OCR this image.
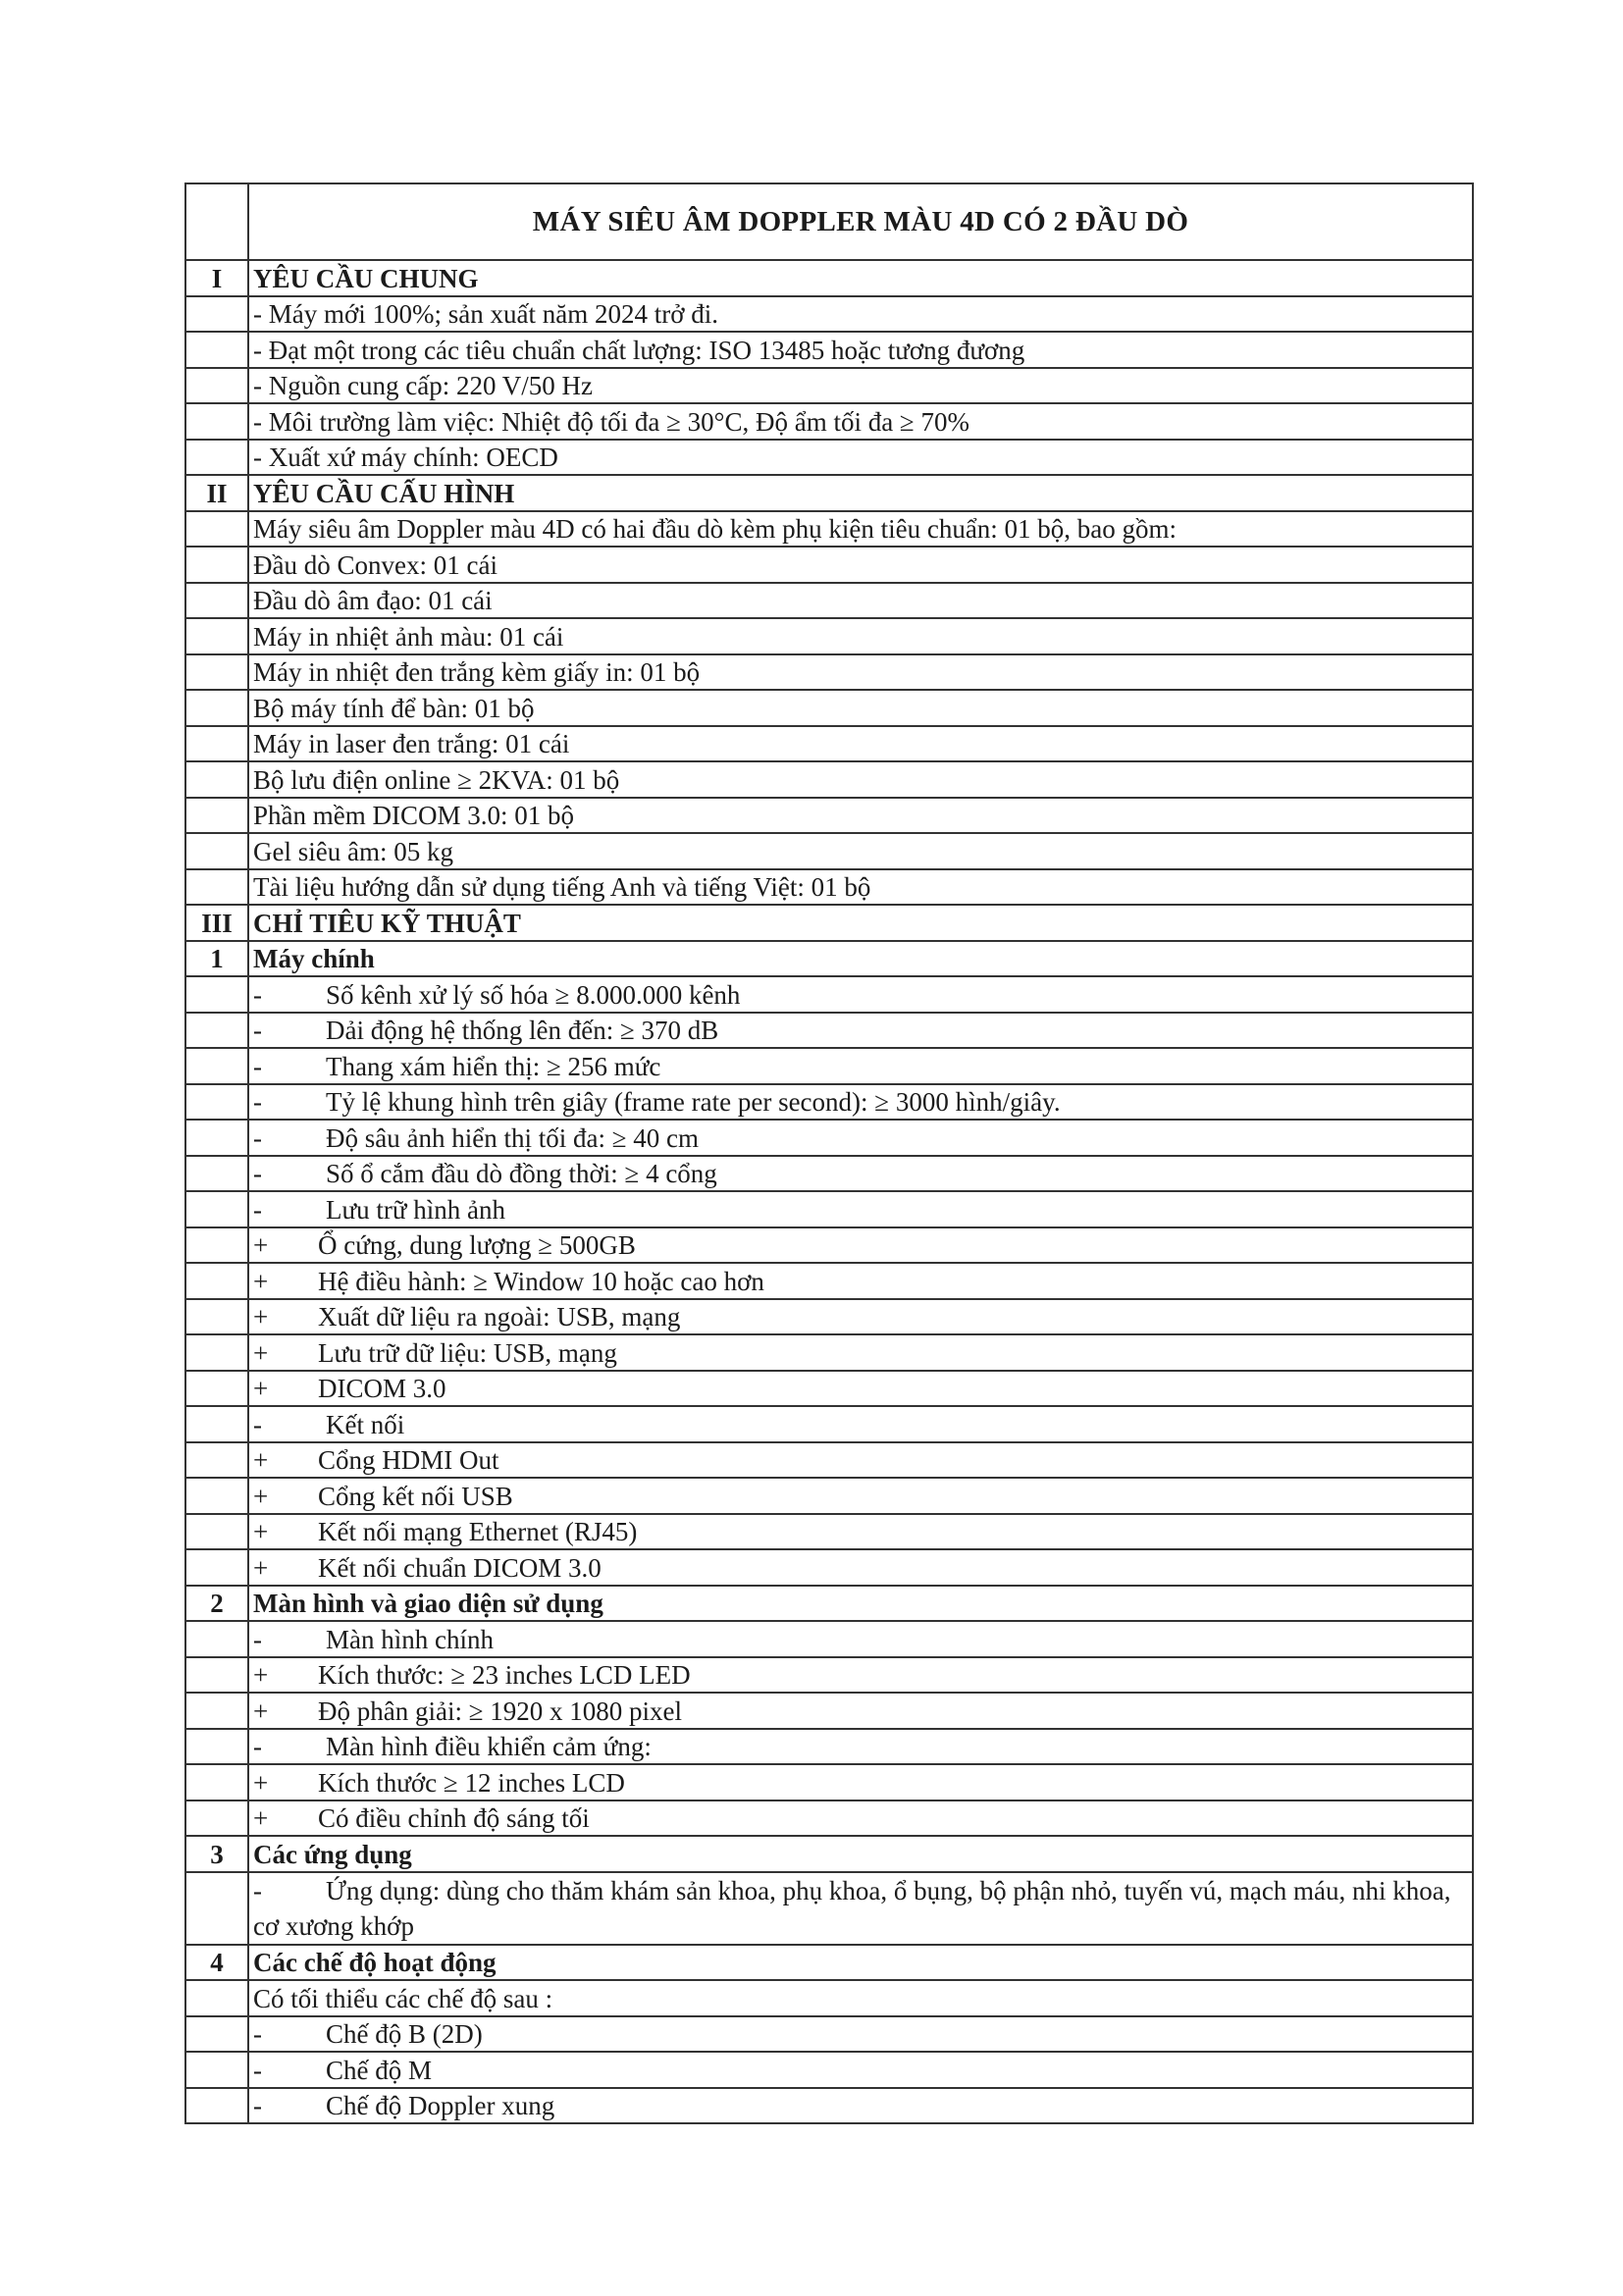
	MÁY SIÊU ÂM DOPPLER MÀU 4D CÓ 2 ĐẦU DÒ
I	YÊU CẦU CHUNG
	- Máy mới 100%; sản xuất năm 2024 trở đi.
	- Đạt một trong các tiêu chuẩn chất lượng: ISO 13485 hoặc tương đương
	- Nguồn cung cấp: 220 V/50 Hz
	- Môi trường làm việc: Nhiệt độ tối đa ≥ 30°C, Độ ẩm tối đa ≥ 70%
	- Xuất xứ máy chính: OECD
II	YÊU CẦU CẤU HÌNH
	Máy siêu âm Doppler màu 4D có hai đầu dò kèm phụ kiện tiêu chuẩn: 01 bộ, bao gồm:
	Đầu dò Convex: 01 cái
	Đầu dò âm đạo: 01 cái
	Máy in nhiệt ảnh màu: 01 cái
	Máy in nhiệt đen trắng kèm giấy in: 01 bộ
	Bộ máy tính để bàn: 01 bộ
	Máy in laser đen trắng: 01 cái
	Bộ lưu điện online ≥ 2KVA: 01 bộ
	Phần mềm DICOM 3.0: 01 bộ
	Gel siêu âm: 05 kg
	Tài liệu hướng dẫn sử dụng tiếng Anh và tiếng Việt: 01 bộ
III	CHỈ TIÊU KỸ THUẬT
1	Máy chính
	- Số kênh xử lý số hóa ≥ 8.000.000 kênh
	- Dải động hệ thống lên đến: ≥ 370 dB
	- Thang xám hiển thị: ≥ 256 mức
	- Tỷ lệ khung hình trên giây (frame rate per second): ≥ 3000 hình/giây.
	- Độ sâu ảnh hiển thị tối đa: ≥ 40 cm
	- Số ổ cắm đầu dò đồng thời: ≥ 4 cổng
	- Lưu trữ hình ảnh
	+ Ổ cứng, dung lượng ≥ 500GB
	+ Hệ điều hành: ≥ Window 10 hoặc cao hơn
	+ Xuất dữ liệu ra ngoài: USB, mạng
	+ Lưu trữ dữ liệu: USB, mạng
	+ DICOM 3.0
	- Kết nối
	+ Cổng HDMI Out
	+ Cổng kết nối USB
	+ Kết nối mạng Ethernet (RJ45)
	+ Kết nối chuẩn DICOM 3.0
2	Màn hình và giao diện sử dụng
	- Màn hình chính
	+ Kích thước: ≥ 23 inches LCD LED
	+ Độ phân giải: ≥ 1920 x 1080 pixel
	- Màn hình điều khiển cảm ứng:
	+ Kích thước ≥ 12 inches LCD
	+ Có điều chỉnh độ sáng tối
3	Các ứng dụng
	- Ứng dụng: dùng cho thăm khám sản khoa, phụ khoa, ổ bụng, bộ phận nhỏ, tuyến vú, mạch máu, nhi khoa, cơ xương khớp
4	Các chế độ hoạt động
	Có tối thiểu các chế độ sau :
	- Chế độ B (2D)
	- Chế độ M
	- Chế độ Doppler xung
